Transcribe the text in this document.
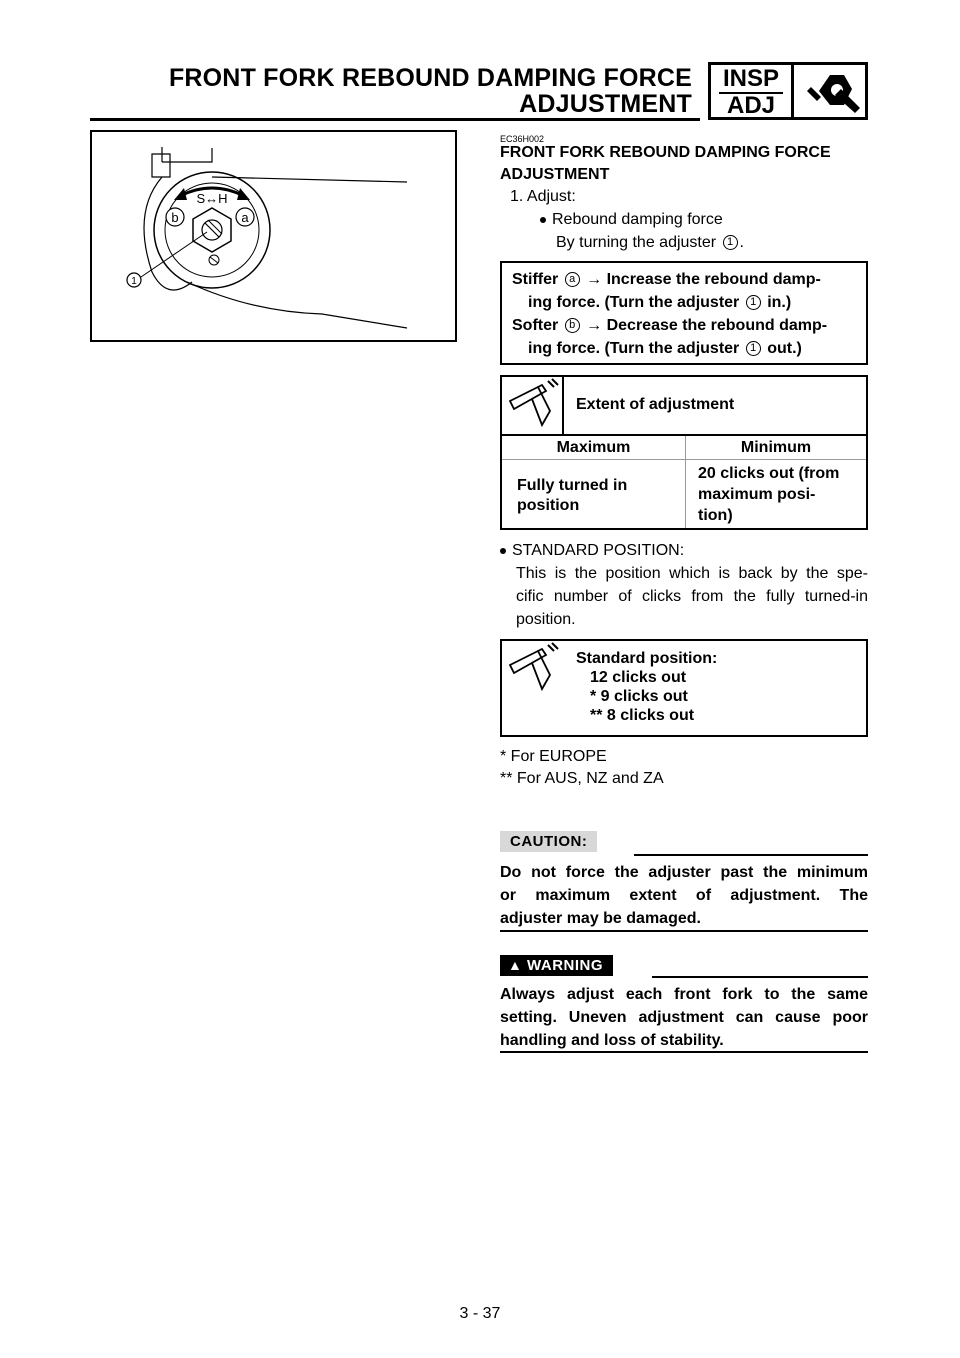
FRONT FORK REBOUND DAMPING FORCE
ADJUSTMENT
INSP
ADJ
S↔H
b	a
1
EC36H002
FRONT FORK REBOUND DAMPING FORCE
ADJUSTMENT
1. Adjust:
Rebound damping force
By turning the adjuster 1 .
Stiffer a → Increase the rebound damp-
ing force. (Turn the adjuster 1 in.)
Softer b → Decrease the rebound damp-
ing force. (Turn the adjuster 1 out.)
Extent of adjustment
Maximum	Minimum
Fully turned in
position
20 clicks out (from
maximum posi-
tion)
STANDARD POSITION:
This is the position which is back by the spe-
cific number of clicks from the fully turned-in
position.
Standard position:
12 clicks out
* 9 clicks out
** 8 clicks out
* For EUROPE
** For AUS, NZ and ZA
CAUTION:
Do not force the adjuster past the minimum
or maximum extent of adjustment. The
adjuster may be damaged.
▲ WARNING
Always adjust each front fork to the same
setting. Uneven adjustment can cause poor
handling and loss of stability.
3 - 37
